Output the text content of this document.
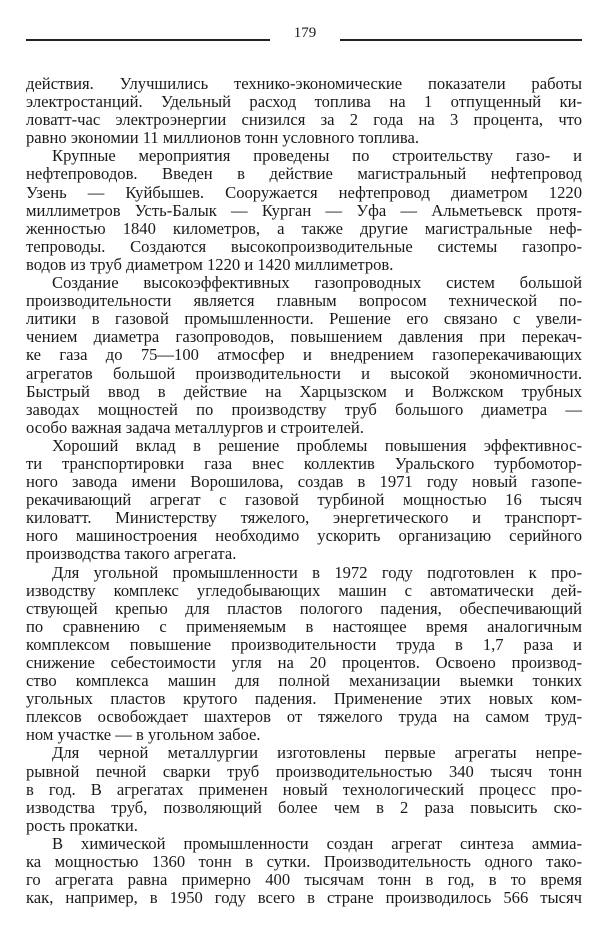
179
действия. Улучшились технико-экономические показатели работы
электростанций. Удельный расход топлива на 1 отпущенный ки-
ловатт-час электроэнергии снизился за 2 года на 3 процента, что
равно экономии 11 миллионов тонн условного топлива.
Крупные мероприятия проведены по строительству газо- и
нефтепроводов. Введен в действие магистральный нефтепровод
Узень — Куйбышев. Сооружается нефтепровод диаметром 1220
миллиметров Усть-Балык — Курган — Уфа — Альметьевск протя-
женностью 1840 километров, а также другие магистральные неф-
тепроводы. Создаются высокопроизводительные системы газопро-
водов из труб диаметром 1220 и 1420 миллиметров.
Создание высокоэффективных газопроводных систем большой
производительности является главным вопросом технической по-
литики в газовой промышленности. Решение его связано с увели-
чением диаметра газопроводов, повышением давления при перекач-
ке газа до 75—100 атмосфер и внедрением газоперекачивающих
агрегатов большой производительности и высокой экономичности.
Быстрый ввод в действие на Харцызском и Волжском трубных
заводах мощностей по производству труб большого диаметра —
особо важная задача металлургов и строителей.
Хороший вклад в решение проблемы повышения эффективнос-
ти транспортировки газа внес коллектив Уральского турбомотор-
ного завода имени Ворошилова, создав в 1971 году новый газопе-
рекачивающий агрегат с газовой турбиной мощностью 16 тысяч
киловатт. Министерству тяжелого, энергетического и транспорт-
ного машиностроения необходимо ускорить организацию серийного
производства такого агрегата.
Для угольной промышленности в 1972 году подготовлен к про-
изводству комплекс угледобывающих машин с автоматически дей-
ствующей крепью для пластов пологого падения, обеспечивающий
по сравнению с применяемым в настоящее время аналогичным
комплексом повышение производительности труда в 1,7 раза и
снижение себестоимости угля на 20 процентов. Освоено производ-
ство комплекса машин для полной механизации выемки тонких
угольных пластов крутого падения. Применение этих новых ком-
плексов освобождает шахтеров от тяжелого труда на самом труд-
ном участке — в угольном забое.
Для черной металлургии изготовлены первые агрегаты непре-
рывной печной сварки труб производительностью 340 тысяч тонн
в год. В агрегатах применен новый технологический процесс про-
изводства труб, позволяющий более чем в 2 раза повысить ско-
рость прокатки.
В химической промышленности создан агрегат синтеза аммиа-
ка мощностью 1360 тонн в сутки. Производительность одного тако-
го агрегата равна примерно 400 тысячам тонн в год, в то время
как, например, в 1950 году всего в стране производилось 566 тысяч
